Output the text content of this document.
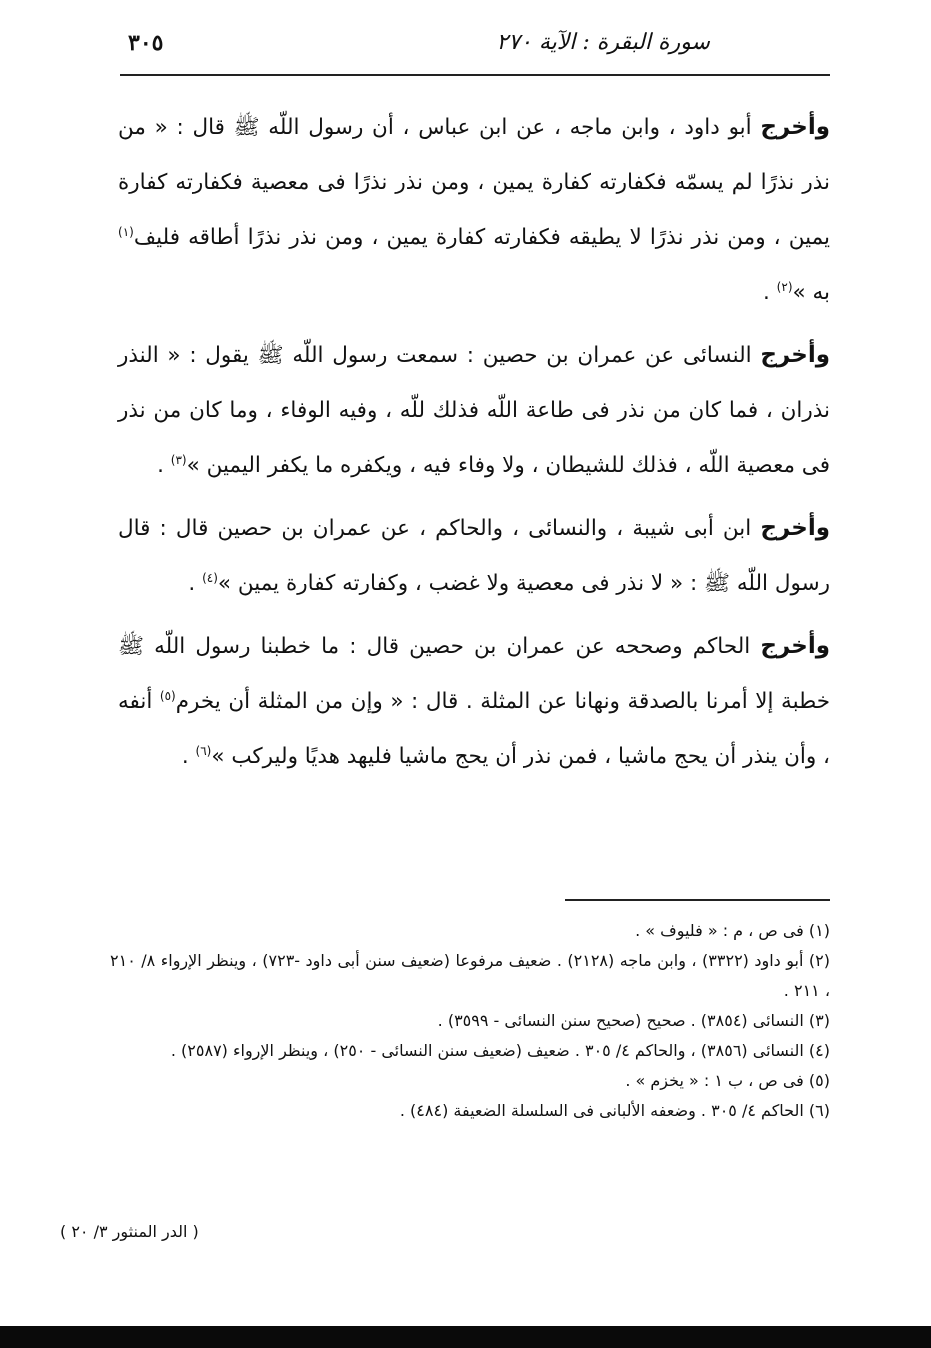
٣٠٥	سورة البقرة : الآية ٢٧٠

وأخرج أبو داود ، وابن ماجه ، عن ابن عباس ، أن رسول اللّه ﷺ قال : « من نذر نذرًا لم يسمّه فكفارته كفارة يمين ، ومن نذر نذرًا فى معصية فكفارته كفارة يمين ، ومن نذر نذرًا لا يطيقه فكفارته كفارة يمين ، ومن نذر نذرًا أطاقه فليف$^{(١)}$ به »$^{(٢)}$ .

وأخرج النسائى عن عمران بن حصين : سمعت رسول اللّه ﷺ يقول : « النذر نذران ، فما كان من نذر فى طاعة اللّه فذلك للّه ، وفيه الوفاء ، وما كان من نذر فى معصية اللّه ، فذلك للشيطان ، ولا وفاء فيه ، ويكفره ما يكفر اليمين »$^{(٣)}$ .

وأخرج ابن أبى شيبة ، والنسائى ، والحاكم ، عن عمران بن حصين قال : قال رسول اللّه ﷺ : « لا نذر فى معصية ولا غضب ، وكفارته كفارة يمين »$^{(٤)}$ .

وأخرج الحاكم وصححه عن عمران بن حصين قال : ما خطبنا رسول اللّه ﷺ خطبة إلا أمرنا بالصدقة ونهانا عن المثلة . قال : « وإن من المثلة أن يخرم$^{(٥)}$ أنفه ، وأن ينذر أن يحج ماشيا ، فمن نذر أن يحج ماشيا فليهد هديًا وليركب »$^{(٦)}$ .

(١) فى ص ، م : « فليوف » .

(٢) أبو داود (٣٣٢٢) ، وابن ماجه (٢١٢٨) . ضعيف مرفوعا (ضعيف سنن أبى داود -٧٢٣) ، وينظر الإرواء ٨/ ٢١٠ ، ٢١١ .

(٣) النسائى (٣٨٥٤) . صحيح (صحيح سنن النسائى - ٣٥٩٩) .

(٤) النسائى (٣٨٥٦) ، والحاكم ٤/ ٣٠٥ . ضعيف (ضعيف سنن النسائى - ٢٥٠) ، وينظر الإرواء (٢٥٨٧) .

(٥) فى ص ، ب ١ : « يخزم » .

(٦) الحاكم ٤/ ٣٠٥ . وضعفه الألبانى فى السلسلة الضعيفة (٤٨٤) .

( الدر المنثور ٣/ ٢٠ )
